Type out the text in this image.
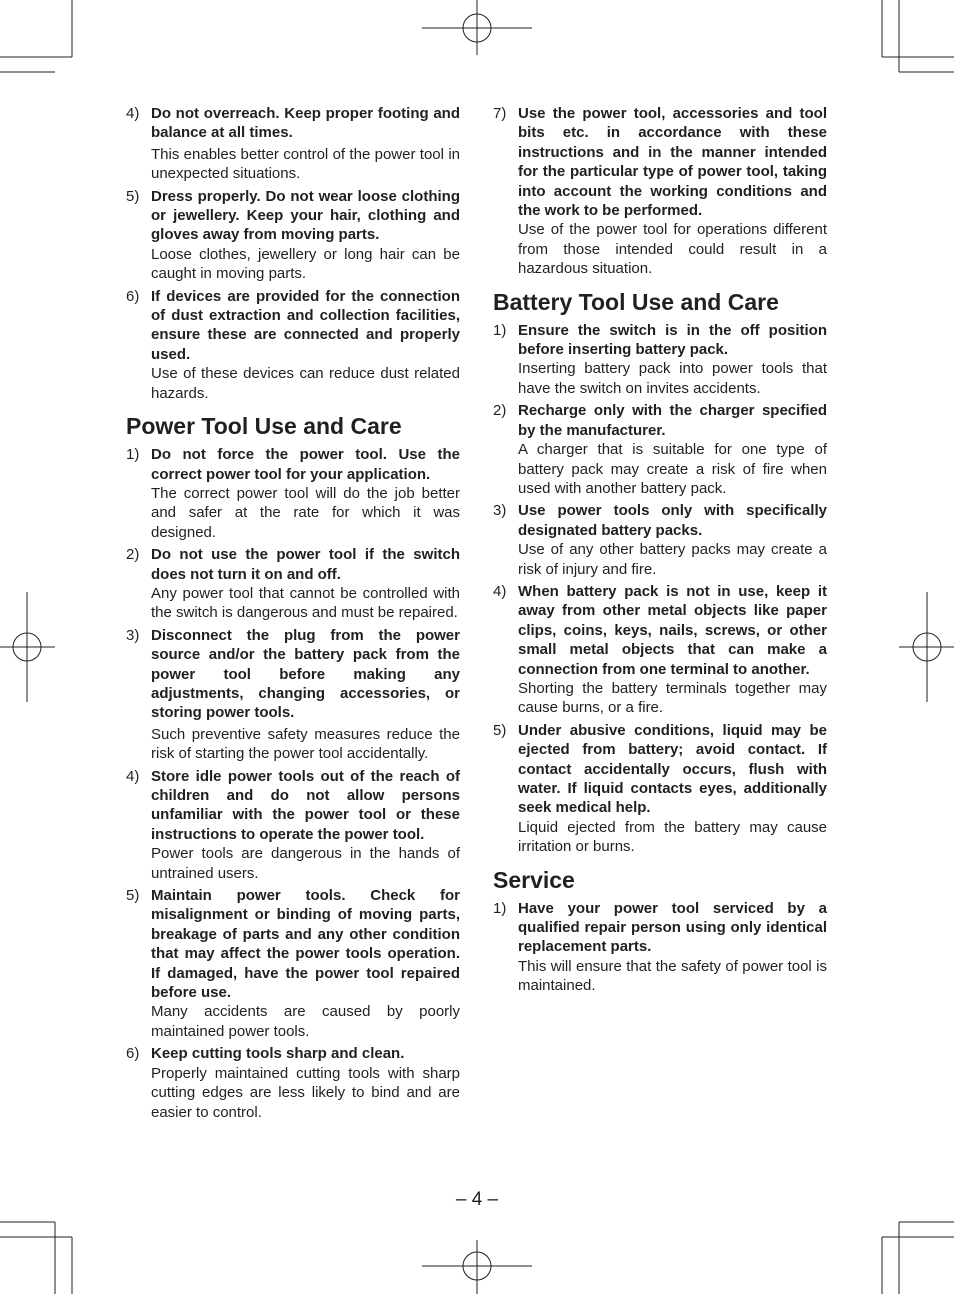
4) Do not overreach. Keep proper footing and balance at all times.

This enables better control of the power tool in unexpected situations.

5) Dress properly. Do not wear loose clothing or jewellery. Keep your hair, clothing and gloves away from moving parts.

Loose clothes, jewellery or long hair can be caught in moving parts.

6) If devices are provided for the connection of dust extraction and collection facilities, ensure these are connected and properly used.

Use of these devices can reduce dust related hazards.

Power Tool Use and Care
1) Do not force the power tool. Use the correct power tool for your application.

The correct power tool will do the job better and safer at the rate for which it was designed.

2) Do not use the power tool if the switch does not turn it on and off.

Any power tool that cannot be controlled with the switch is dangerous and must be repaired.

3) Disconnect the plug from the power source and/or the battery pack from the power tool before making any adjustments, changing accessories, or storing power tools.

Such preventive safety measures reduce the risk of starting the power tool accidentally.

4) Store idle power tools out of the reach of children and do not allow persons unfamiliar with the power tool or these instructions to operate the power tool.

Power tools are dangerous in the hands of untrained users.

5) Maintain power tools. Check for misalignment or binding of moving parts, breakage of parts and any other condition that may affect the power tools operation. If damaged, have the power tool repaired before use.

Many accidents are caused by poorly maintained power tools.

6) Keep cutting tools sharp and clean.

Properly maintained cutting tools with sharp cutting edges are less likely to bind and are easier to control.

7) Use the power tool, accessories and tool bits etc. in accordance with these instructions and in the manner intended for the particular type of power tool, taking into account the working conditions and the work to be performed.

Use of the power tool for operations different from those intended could result in a hazardous situation.

Battery Tool Use and Care
1) Ensure the switch is in the off position before inserting battery pack.

Inserting battery pack into power tools that have the switch on invites accidents.

2) Recharge only with the charger specified by the manufacturer.

A charger that is suitable for one type of battery pack may create a risk of fire when used with another battery pack.

3) Use power tools only with specifically designated battery packs.

Use of any other battery packs may create a risk of injury and fire.

4) When battery pack is not in use, keep it away from other metal objects like paper clips, coins, keys, nails, screws, or other small metal objects that can make a connection from one terminal to another.

Shorting the battery terminals together may cause burns, or a fire.

5) Under abusive conditions, liquid may be ejected from battery; avoid contact. If contact accidentally occurs, flush with water. If liquid contacts eyes, additionally seek medical help.

Liquid ejected from the battery may cause irritation or burns.

Service
1) Have your power tool serviced by a qualified repair person using only identical replacement parts.

This will ensure that the safety of power tool is maintained.

– 4 –
